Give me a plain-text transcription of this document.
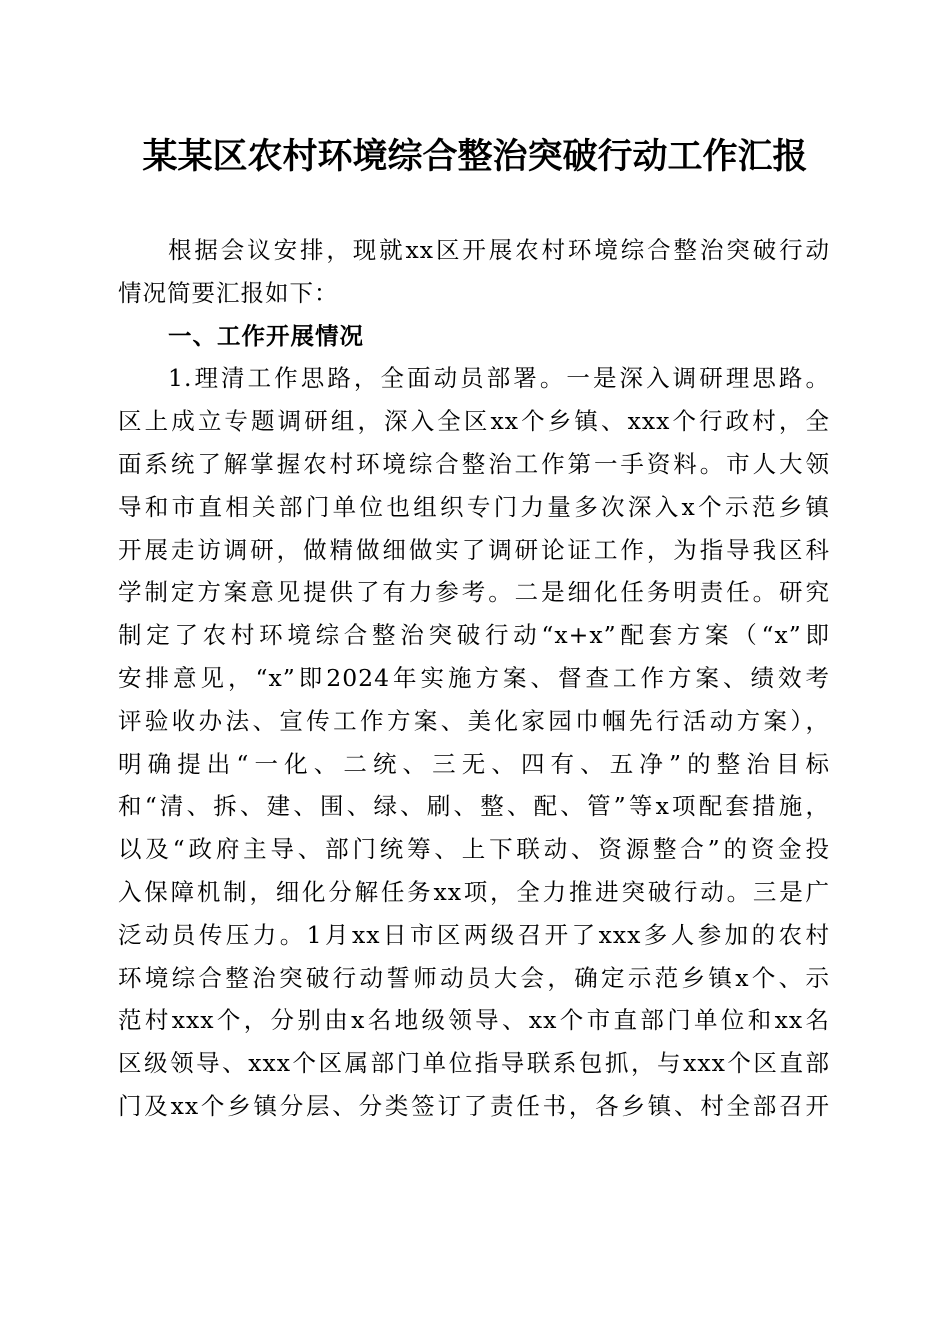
某某区农村环境综合整治突破行动工作汇报
根据会议安排，现就xx区开展农村环境综合整治突破行动
情况简要汇报如下：
一、工作开展情况
1.理清工作思路，全面动员部署。一是深入调研理思路。
区上成立专题调研组，深入全区xx个乡镇、xxx个行政村，全
面系统了解掌握农村环境综合整治工作第一手资料。市人大领
导和市直相关部门单位也组织专门力量多次深入x个示范乡镇
开展走访调研，做精做细做实了调研论证工作，为指导我区科
学制定方案意见提供了有力参考。二是细化任务明责任。研究
制定了农村环境综合整治突破行动“x+x”配套方案（“x”即
安排意见，“x”即2024年实施方案、督查工作方案、绩效考
评验收办法、宣传工作方案、美化家园巾帼先行活动方案），
明确提出“一化、二统、三无、四有、五净”的整治目标
和“清、拆、建、围、绿、刷、整、配、管”等x项配套措施，
以及“政府主导、部门统筹、上下联动、资源整合”的资金投
入保障机制，细化分解任务xx项，全力推进突破行动。三是广
泛动员传压力。1月xx日市区两级召开了xxx多人参加的农村
环境综合整治突破行动誓师动员大会，确定示范乡镇x个、示
范村xxx个，分别由x名地级领导、xx个市直部门单位和xx名
区级领导、xxx个区属部门单位指导联系包抓，与xxx个区直部
门及xx个乡镇分层、分类签订了责任书，各乡镇、村全部召开
